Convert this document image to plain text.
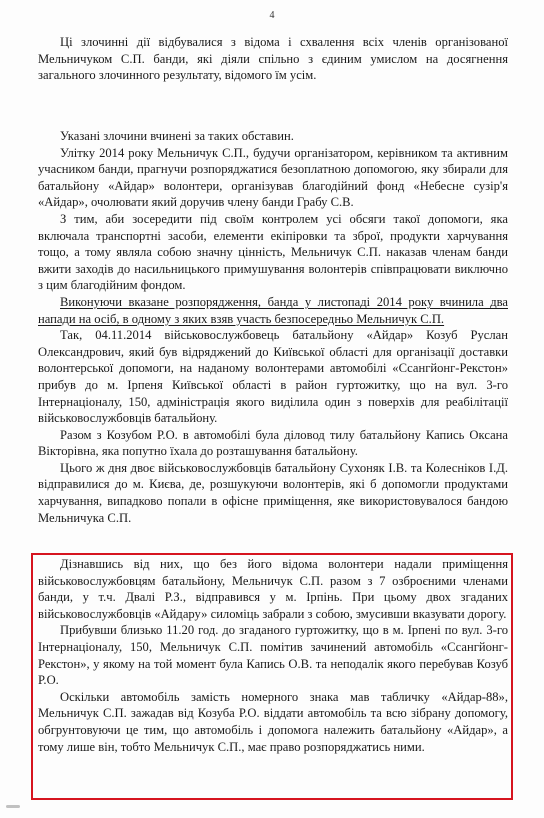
4

Ці злочинні дії відбувалися з відома і схвалення всіх членів організованої Мельничуком С.П. банди, які діяли спільно з єдиним умислом на досягнення загального злочинного результату, відомого їм усім.

Указані злочини вчинені за таких обставин.

Улітку 2014 року Мельничук С.П., будучи організатором, керівником та активним учасником банди, прагнучи розпоряджатися безоплатною допомогою, яку збирали для батальйону «Айдар» волонтери, організував благодійний фонд «Небесне сузір'я «Айдар», очолювати який доручив члену банди Грабу С.В.

З тим, аби зосередити під своїм контролем усі обсяги такої допомоги, яка включала транспортні засоби, елементи екіпіровки та зброї, продукти харчування тощо, а тому являла собою значну цінність, Мельничук С.П. наказав членам банди вжити заходів до насильницького примушування волонтерів співпрацювати виключно з цим благодійним фондом.

Виконуючи вказане розпорядження, банда у листопаді 2014 року вчинила два напади на осіб, в одному з яких взяв участь безпосередньо Мельничук С.П.

Так, 04.11.2014 військовослужбовець батальйону «Айдар» Козуб Руслан Олександрович, який був відряджений до Київської області для організації доставки волонтерської допомоги, на наданому волонтерами автомобілі «Ссангйонг-Рекстон» прибув до м. Ірпеня Київської області в район гуртожитку, що на вул. 3-го Інтернаціоналу, 150, адміністрація якого виділила один з поверхів для реабілітації військовослужбовців батальйону.

Разом з Козубом Р.О. в автомобілі була діловод тилу батальйону Капись Оксана Вікторівна, яка попутно їхала до розташування батальйону.

Цього ж дня двоє військовослужбовців батальйону Сухоняк І.В. та Колесніков І.Д. відправилися до м. Києва, де, розшукуючи волонтерів, які б допомогли продуктами харчування, випадково попали в офісне приміщення, яке використовувалося бандою Мельничука С.П.

Дізнавшись від них, що без його відома волонтери надали приміщення військовослужбовцям батальйону, Мельничук С.П. разом з 7 озброєними членами банди, у т.ч. Двалі Р.З., відправився у м. Ірпінь. При цьому двох згаданих військовослужбовців «Айдару» силоміць забрали з собою, змусивши вказувати дорогу.

Прибувши близько 11.20 год. до згаданого гуртожитку, що в м. Ірпені по вул. 3-го Інтернаціоналу, 150, Мельничук С.П. помітив зачинений автомобіль «Ссангйонг-Рекстон», у якому на той момент була Капись О.В. та неподалік якого перебував Козуб Р.О.

Оскільки автомобіль замість номерного знака мав табличку «Айдар-88», Мельничук С.П. зажадав від Козуба Р.О. віддати автомобіль та всю зібрану допомогу, обгрунтовуючи це тим, що автомобіль і допомога належить батальйону «Айдар», а тому лише він, тобто Мельничук С.П., має право розпоряджатись ними.
